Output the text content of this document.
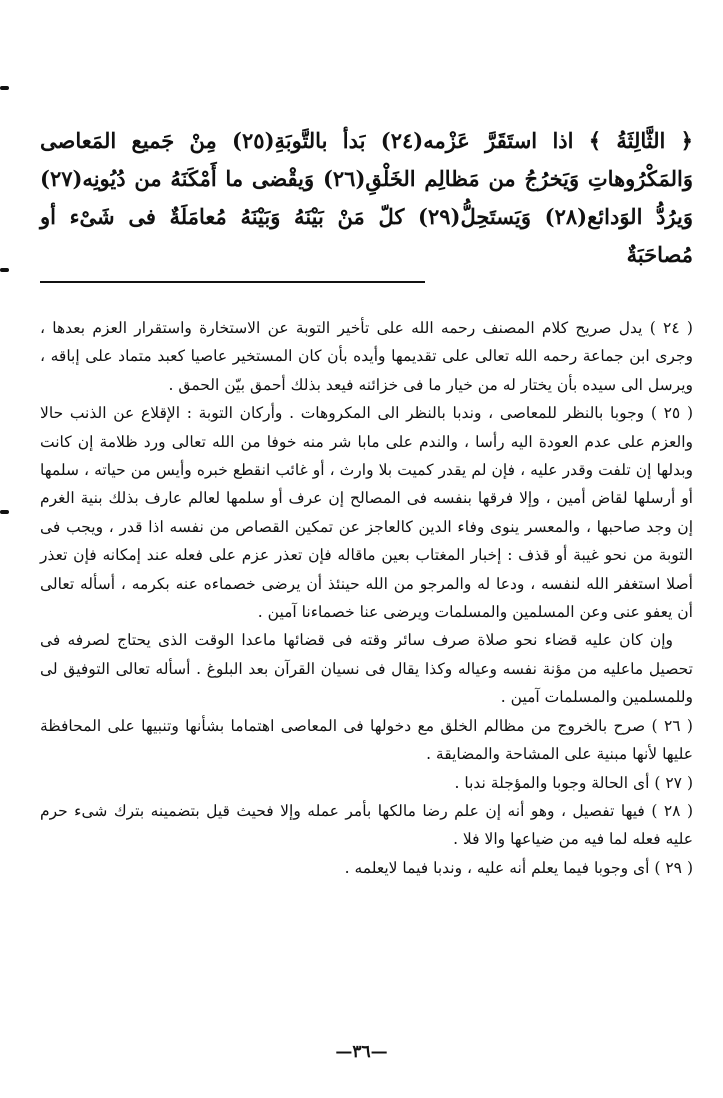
﴿ الثَّالِثَةُ ﴾ اذا استَقَرَّ عَزْمه(٢٤) بَدأ بالتَّوبَةِ(٢٥) مِنْ جَميع المَعاصى وَالمَكْرُوهاتِ وَيَخرُجُ من مَظالِم الخَلْقِ(٢٦) وَيقْضى ما أَمْكَنَهُ من دُيُونِه(٢٧) وَيرُدُّ الوَدائع(٢٨) وَيَستَحِلُّ(٢٩) كلّ مَنْ بَيْنَهُ وَبَيْنَهُ مُعامَلَةٌ فى شَىْء أو مُصاحَبَةٌ

( ٢٤ ) يدل صريح كلام المصنف رحمه الله على تأخير التوبة عن الاستخارة واستقرار العزم بعدها ، وجرى ابن جماعة رحمه الله تعالى على تقديمها وأيده بأن كان المستخير عاصيا كعبد متماد على إباقه ، ويرسل الى سيده بأن يختار له من خيار ما فى خزائنه فيعد بذلك أحمق بيّن الحمق .

( ٢٥ ) وجوبا بالنظر للمعاصى ، وندبا بالنظر الى المكروهات . وأركان التوبة : الإقلاع عن الذنب حالا والعزم على عدم العودة اليه رأسا ، والندم على مابا شر منه خوفا من الله تعالى ورد ظلامة إن كانت وبدلها إن تلفت وقدر عليه ، فإن لم يقدر كميت بلا وارث ، أو غائب انقطع خبره وأيس من حياته ، سلمها أو أرسلها لقاض أمين ، وإلا فرقها بنفسه فى المصالح إن عرف أو سلمها لعالم عارف بذلك بنية الغرم إن وجد صاحبها ، والمعسر ينوى وفاء الدين كالعاجز عن تمكين القصاص من نفسه اذا قدر ، ويجب فى التوبة من نحو غيبة أو قذف : إخبار المغتاب بعين ماقاله فإن تعذر عزم على فعله عند إمكانه فإن تعذر أصلا استغفر الله لنفسه ، ودعا له والمرجو من الله حينئذ أن يرضى خصماءه عنه بكرمه ، أسأله تعالى أن يعفو عنى وعن المسلمين والمسلمات ويرضى عنا خصماءنا آمين .

وإن كان عليه قضاء نحو صلاة صرف سائر وقته فى قضائها ماعدا الوقت الذى يحتاج لصرفه فى تحصيل ماعليه من مؤنة نفسه وعياله وكذا يقال فى نسيان القرآن بعد البلوغ . أسأله تعالى التوفيق لى وللمسلمين والمسلمات آمين .

( ٢٦ ) صرح بالخروج من مظالم الخلق مع دخولها فى المعاصى اهتماما بشأنها وتنبيها على المحافظة عليها لأنها مبنية على المشاحة والمضايقة .

( ٢٧ ) أى الحالة وجوبا والمؤجلة ندبا .

( ٢٨ ) فيها تفصيل ، وهو أنه إن علم رضا مالكها بأمر عمله وإلا فحيث قيل بتضمينه بترك شىء حرم عليه فعله لما فيه من ضياعها والا فلا .

( ٢٩ ) أى وجوبا فيما يعلم أنه عليه ، وندبا فيما لايعلمه .

—٣٦—
